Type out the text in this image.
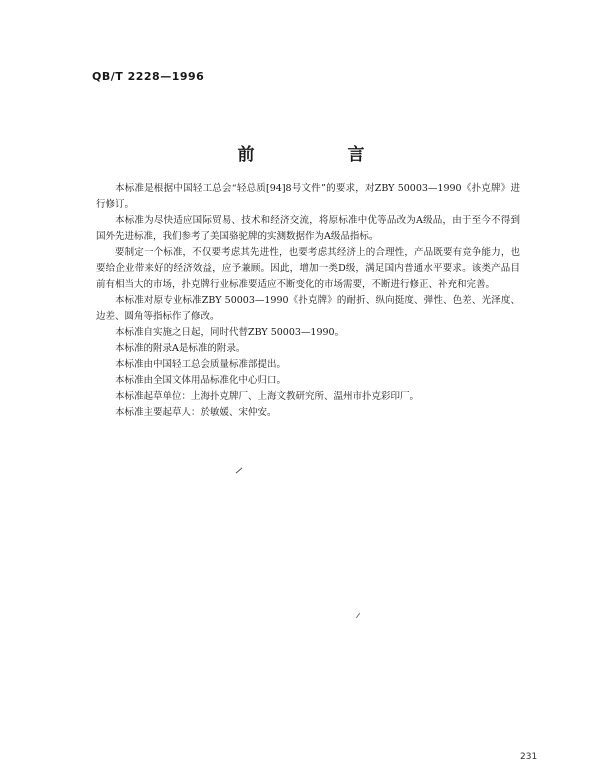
QB/T 2228—1996
前　言

本标准是根据中国轻工总会“轻总质[94]8号文件”的要求，对ZBY 50003—1990《扑克牌》进行修订。

本标准为尽快适应国际贸易、技术和经济交流，将原标准中优等品改为A级品，由于至今不得到国外先进标准，我们参考了美国骆驼牌的实测数据作为A级品指标。

要制定一个标准，不仅要考虑其先进性，也要考虑其经济上的合理性，产品既要有竞争能力，也要给企业带来好的经济效益，应予兼顾。因此，增加一类D级，满足国内普通水平要求。该类产品目前有相当大的市场，扑克牌行业标准要适应不断变化的市场需要，不断进行修正、补充和完善。

本标准对原专业标准ZBY 50003—1990《扑克牌》的耐折、纵向挺度、弹性、色差、光泽度、边差、圆角等指标作了修改。

本标准自实施之日起，同时代替ZBY 50003—1990。

本标准的附录A是标准的附录。

本标准由中国轻工总会质量标准部提出。

本标准由全国文体用品标准化中心归口。

本标准起草单位：上海扑克牌厂、上海文教研究所、温州市扑克彩印厂。

本标准主要起草人：於敏媛、宋仲安。

231
